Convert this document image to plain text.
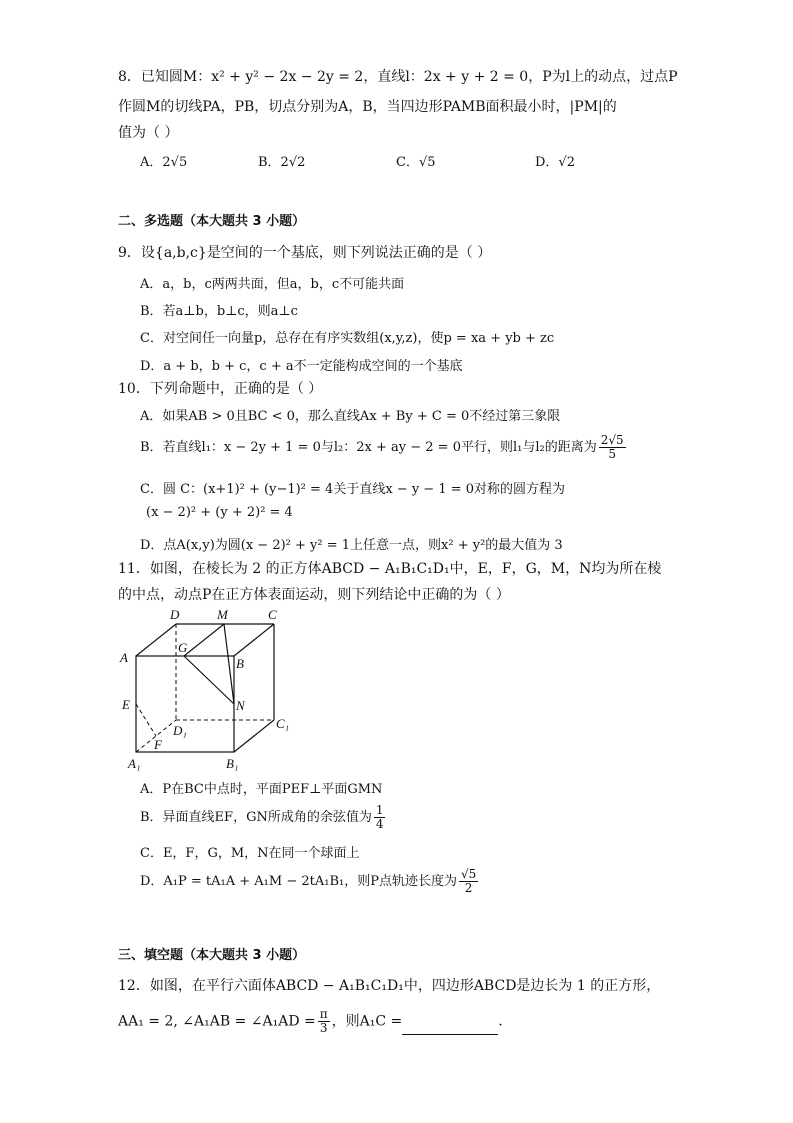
8．已知圆M：x² + y² − 2x − 2y = 2，直线l：2x + y + 2 = 0，P为l上的动点，过点P
作圆M的切线PA，PB，切点分别为A，B，当四边形PAMB面积最小时，|PM|的
值为（ ）
A．2√5	B．2√2	C．√5	D．√2
二、多选题（本大题共 3 小题）
9．设{a,b,c}是空间的一个基底，则下列说法正确的是（ ）
A．a，b，c两两共面，但a，b，c不可能共面
B．若a⊥b，b⊥c，则a⊥c
C．对空间任一向量p，总存在有序实数组(x,y,z)，使p = xa + yb + zc
D．a + b，b + c，c + a不一定能构成空间的一个基底
10．下列命题中，正确的是（ ）
A．如果AB > 0且BC < 0，那么直线Ax + By + C = 0不经过第三象限
B．若直线l₁：x − 2y + 1 = 0与l₂：2x + ay − 2 = 0平行，则l₁与l₂的距离为 $\frac{2√5}{5}$
C．圆 C：(x+1)² + (y−1)² = 4关于直线x − y − 1 = 0对称的圆方程为
(x − 2)² + (y + 2)² = 4
D．点A(x,y)为圆(x − 2)² + y² = 1上任意一点，则x² + y²的最大值为 3
11．如图，在棱长为 2 的正方体ABCD − A₁B₁C₁D₁中，E，F，G，M，N均为所在棱
的中点，动点P在正方体表面运动，则下列结论中正确的为（ ）
D	M	C
A
G
B
E	N
C₁
D₁
F
A₁	B₁
A．P在BC中点时，平面PEF⊥平面GMN
B．异面直线EF，GN所成角的余弦值为 $\frac{1}{4}$
C．E，F，G，M，N在同一个球面上
D．A₁P = tA₁A + A₁M − 2tA₁B₁，则P点轨迹长度为 $\frac{√5}{2}$
三、填空题（本大题共 3 小题）
12．如图，在平行六面体ABCD − A₁B₁C₁D₁中，四边形ABCD是边长为 1 的正方形，
AA₁ = 2, ∠A₁AB = ∠A₁AD = $\frac{\pi}{3}$ ，则A₁C =	.
